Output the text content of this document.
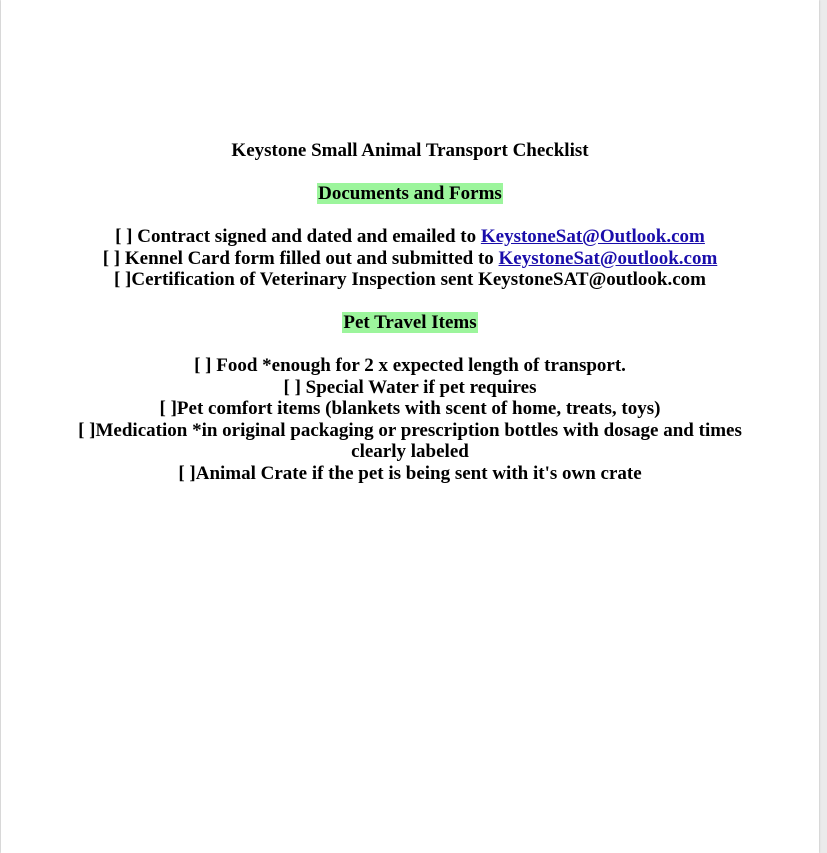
Keystone Small Animal Transport Checklist

Documents and Forms

[ ] Contract signed and dated and emailed to KeystoneSat@Outlook.com

[ ] Kennel Card form filled out and submitted to KeystoneSat@outlook.com

[ ]Certification of Veterinary Inspection sent KeystoneSAT@outlook.com

Pet Travel Items

[ ] Food *enough for 2 x expected length of transport.

[ ] Special Water if pet requires

[ ]Pet comfort items (blankets with scent of home, treats, toys)

[ ]Medication *in original packaging or prescription bottles with dosage and times clearly labeled

[ ]Animal Crate if the pet is being sent with it's own crate
